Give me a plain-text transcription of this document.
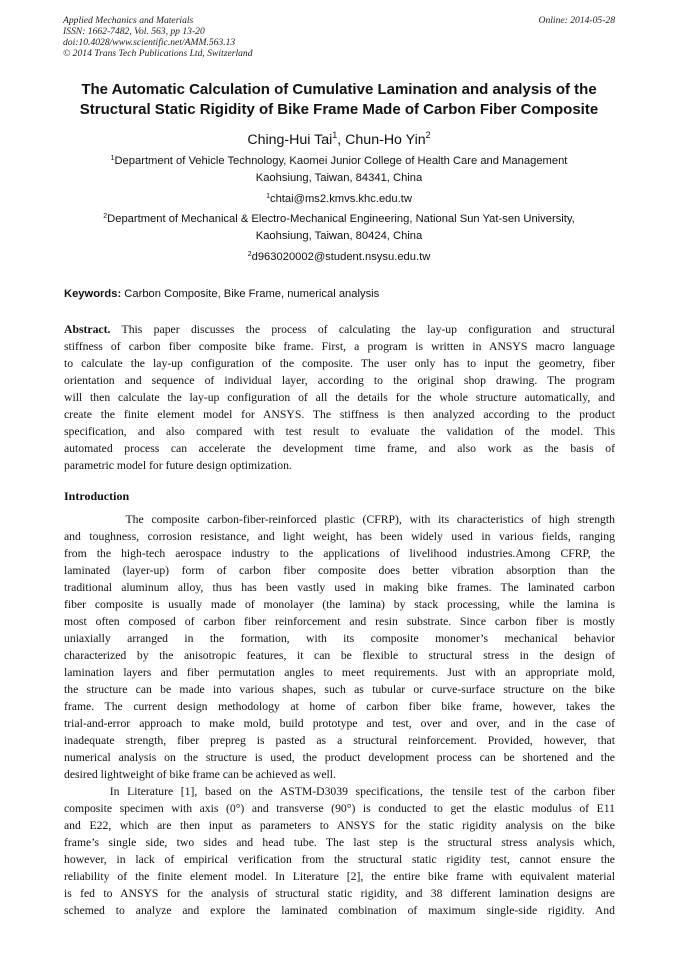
Applied Mechanics and Materials
ISSN: 1662-7482, Vol. 563, pp 13-20
doi:10.4028/www.scientific.net/AMM.563.13
© 2014 Trans Tech Publications Ltd, Switzerland
Online: 2014-05-28
The Automatic Calculation of Cumulative Lamination and analysis of the
Structural Static Rigidity of Bike Frame Made of Carbon Fiber Composite
Ching-Hui Tai$^1$, Chun-Ho Yin$^2$
$^1$Department of Vehicle Technology, Kaomei Junior College of Health Care and Management
Kaohsiung, Taiwan, 84341, China
$^1$chtai@ms2.kmvs.khc.edu.tw
$^2$Department of Mechanical & Electro-Mechanical Engineering, National Sun Yat-sen University,
Kaohsiung, Taiwan, 80424, China
$^2$d963020002@student.nsysu.edu.tw
Keywords: Carbon Composite, Bike Frame, numerical analysis
Abstract. This paper discusses the process of calculating the lay-up configuration and structural
stiffness of carbon fiber composite bike frame. First, a program is written in ANSYS macro language
to calculate the lay-up configuration of the composite. The user only has to input the geometry, fiber
orientation and sequence of individual layer, according to the original shop drawing. The program
will then calculate the lay-up configuration of all the details for the whole structure automatically, and
create the finite element model for ANSYS. The stiffness is then analyzed according to the product
specification, and also compared with test result to evaluate the validation of the model. This
automated process can accelerate the development time frame, and also work as the basis of
parametric model for future design optimization.
Introduction
The composite carbon-fiber-reinforced plastic (CFRP), with its characteristics of high strength
and toughness, corrosion resistance, and light weight, has been widely used in various fields, ranging
from the high-tech aerospace industry to the applications of livelihood industries.Among CFRP, the
laminated (layer-up) form of carbon fiber composite does better vibration absorption than the
traditional aluminum alloy, thus has been vastly used in making bike frames. The laminated carbon
fiber composite is usually made of monolayer (the lamina) by stack processing, while the lamina is
most often composed of carbon fiber reinforcement and resin substrate. Since carbon fiber is mostly
uniaxially arranged in the formation, with its composite monomer’s mechanical behavior
characterized by the anisotropic features, it can be flexible to structural stress in the design of
lamination layers and fiber permutation angles to meet requirements. Just with an appropriate mold,
the structure can be made into various shapes, such as tubular or curve-surface structure on the bike
frame. The current design methodology at home of carbon fiber bike frame, however, takes the
trial-and-error approach to make mold, build prototype and test, over and over, and in the case of
inadequate strength, fiber prepreg is pasted as a structural reinforcement. Provided, however, that
numerical analysis on the structure is used, the product development process can be shortened and the
desired lightweight of bike frame can be achieved as well.
In Literature [1], based on the ASTM-D3039 specifications, the tensile test of the carbon fiber
composite specimen with axis (0°) and transverse (90°) is conducted to get the elastic modulus of E11
and E22, which are then input as parameters to ANSYS for the static rigidity analysis on the bike
frame’s single side, two sides and head tube. The last step is the structural stress analysis which,
however, in lack of empirical verification from the structural static rigidity test, cannot ensure the
reliability of the finite element model. In Literature [2], the entire bike frame with equivalent material
is fed to ANSYS for the analysis of structural static rigidity, and 38 different lamination designs are
schemed to analyze and explore the laminated combination of maximum single-side rigidity. And
